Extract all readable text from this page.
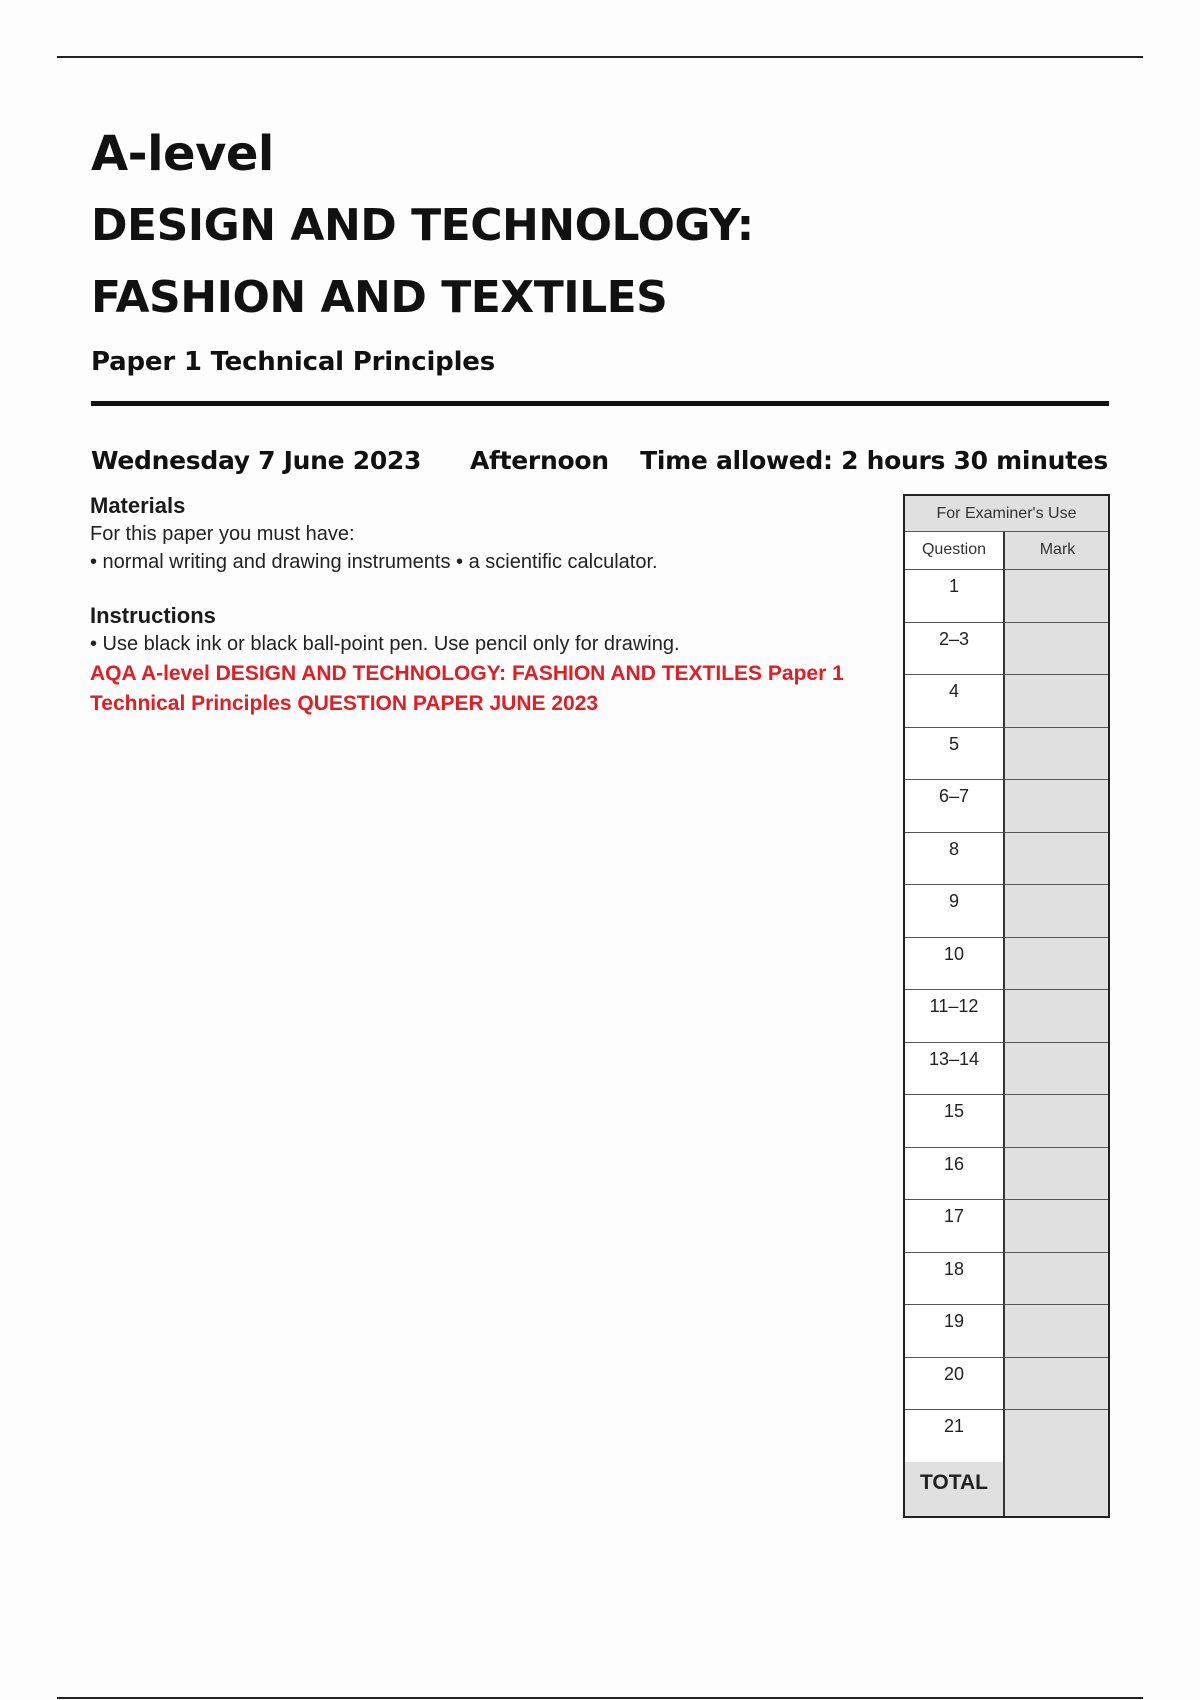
A-level
DESIGN AND TECHNOLOGY:
FASHION AND TEXTILES
Paper 1 Technical Principles
Wednesday 7 June 2023 Afternoon Time allowed: 2 hours 30 minutes
Materials
For this paper you must have:
• normal writing and drawing instruments • a scientific calculator.
Instructions
• Use black ink or black ball-point pen. Use pencil only for drawing.
AQA A-level DESIGN AND TECHNOLOGY: FASHION AND TEXTILES Paper 1
Technical Principles QUESTION PAPER JUNE 2023
For Examiner's Use
Question	Mark
1
2–3
4
5
6–7
8
9
10
11–12
13–14
15
16
17
18
19
20
21
TOTAL
